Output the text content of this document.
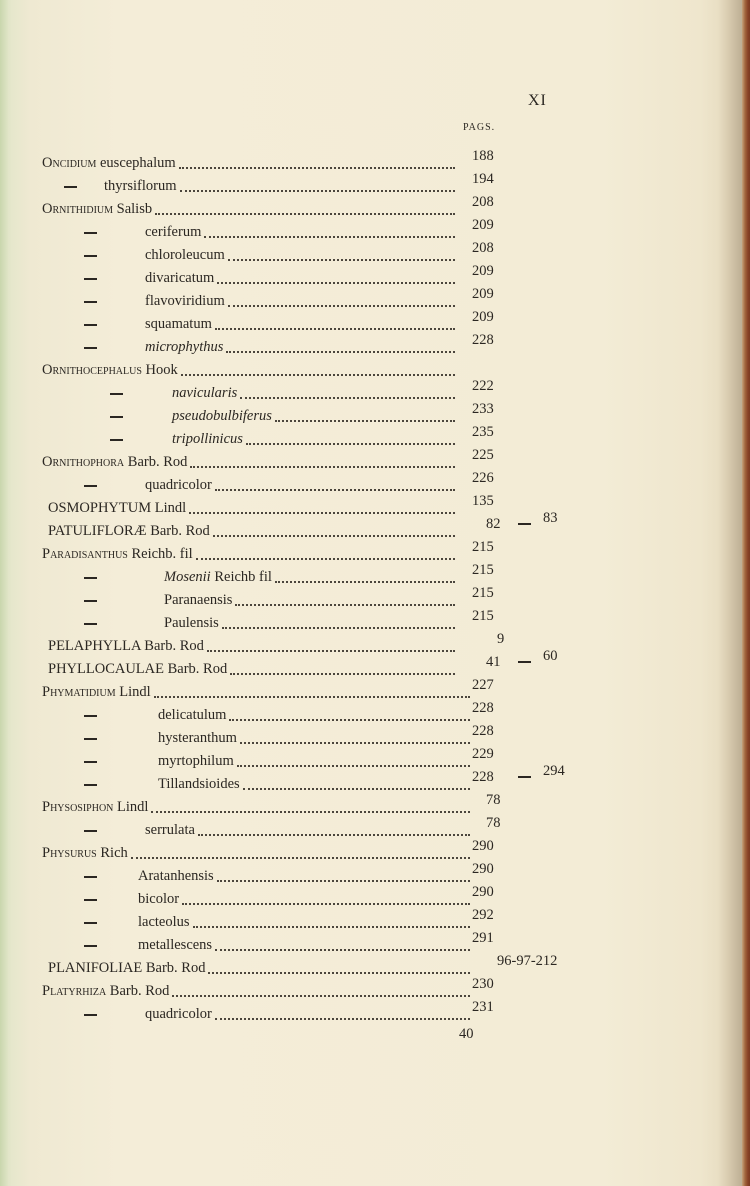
XI
PAGS.
Oncidium euscephalum	188
thyrsiflorum	194
Ornithidium Salisb	208
ceriferum	209
chloroleucum	208
divaricatum	209
flavoviridium	209
squamatum	209
microphythus	228
Ornithocephalus Hook
navicularis	222
pseudobulbiferus	233
tripollinicus	235
Ornithophora Barb. Rod	225
quadricolor	226
OSMOPHYTUM Lindl	135
PATULIFLORÆ Barb. Rod	82	83
Paradisanthus Reichb. fil	215
Mosenii Reichb fil	215
Paranaensis	215
Paulensis	215
PELAPHYLLA Barb. Rod	9
PHYLLOCAULAE Barb. Rod	41	60
Phymatidium Lindl	227
delicatulum	228
hysteranthum	228
myrtophilum	229
Tillandsioides	228	294
Physosiphon Lindl	78
serrulata	78
Physurus Rich	290
Aratanhensis	290
bicolor	290
lacteolus	292
metallescens	291
PLANIFOLIAE Barb. Rod	96-97-212
Platyrhiza Barb. Rod	230
quadricolor	231
40
